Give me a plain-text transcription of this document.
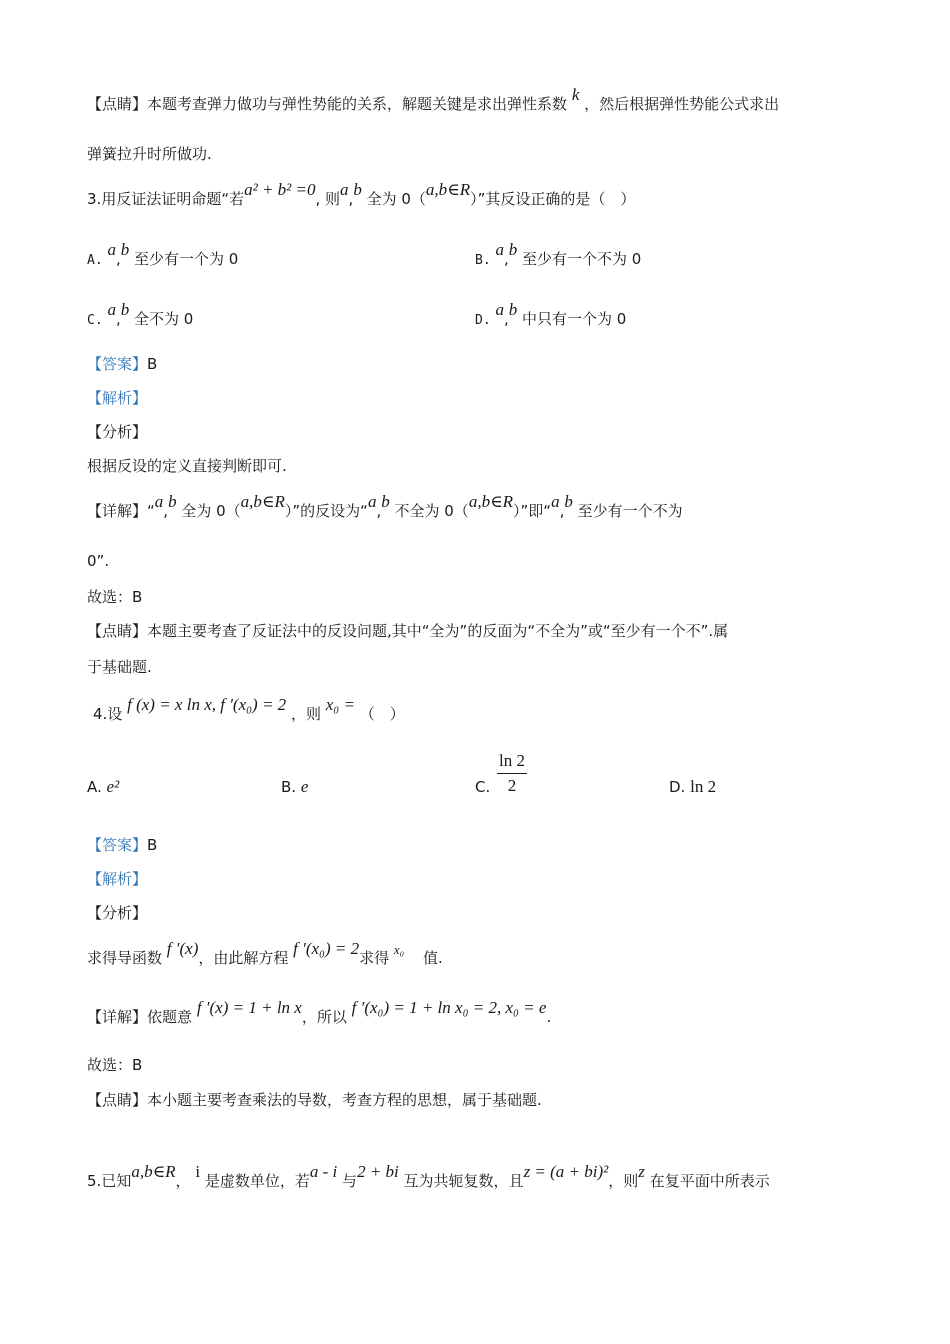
【点睛】本题考查弹力做功与弹性势能的关系，解题关键是求出弹性系数 k ，然后根据弹性势能公式求出
弹簧拉升时所做功.
3.用反证法证明命题“若a² + b² =0, 则a,b 全为 0（a,b∈R）”其反设正确的是（　）
A. a,b 至少有一个为 0	B. a,b 至少有一个不为 0
C. a,b 全不为 0	D. a,b 中只有一个为 0
【答案】B
【解析】
【分析】
根据反设的定义直接判断即可.
【详解】“a,b 全为 0（a,b∈R）”的反设为“a,b 不全为 0（a,b∈R）”即“a,b 至少有一个不为
0”.
故选：B
【点睛】本题主要考查了反证法中的反设问题,其中“全为”的反面为“不全为”或“至少有一个不”.属
于基础题.
4.设 f (x) = x ln x, f ′(x₀) = 2 ，则 x₀ = （　）
A. e²	B. e	C. $\frac{\ln 2}{2}$	D. ln 2
【答案】B
【解析】
【分析】
求得导函数 f ′(x)，由此解方程 f ′(x₀) = 2求得 x₀ 值.
【详解】依题意 f ′(x) = 1 + ln x，所以 f ′(x₀) = 1 + ln x₀ = 2, x₀ = e.
故选：B
【点睛】本小题主要考查乘法的导数，考查方程的思想，属于基础题.
5.已知a,b∈R， i 是虚数单位，若a - i 与2 + bi 互为共轭复数，且z = (a + bi)²，则z 在复平面中所表示
